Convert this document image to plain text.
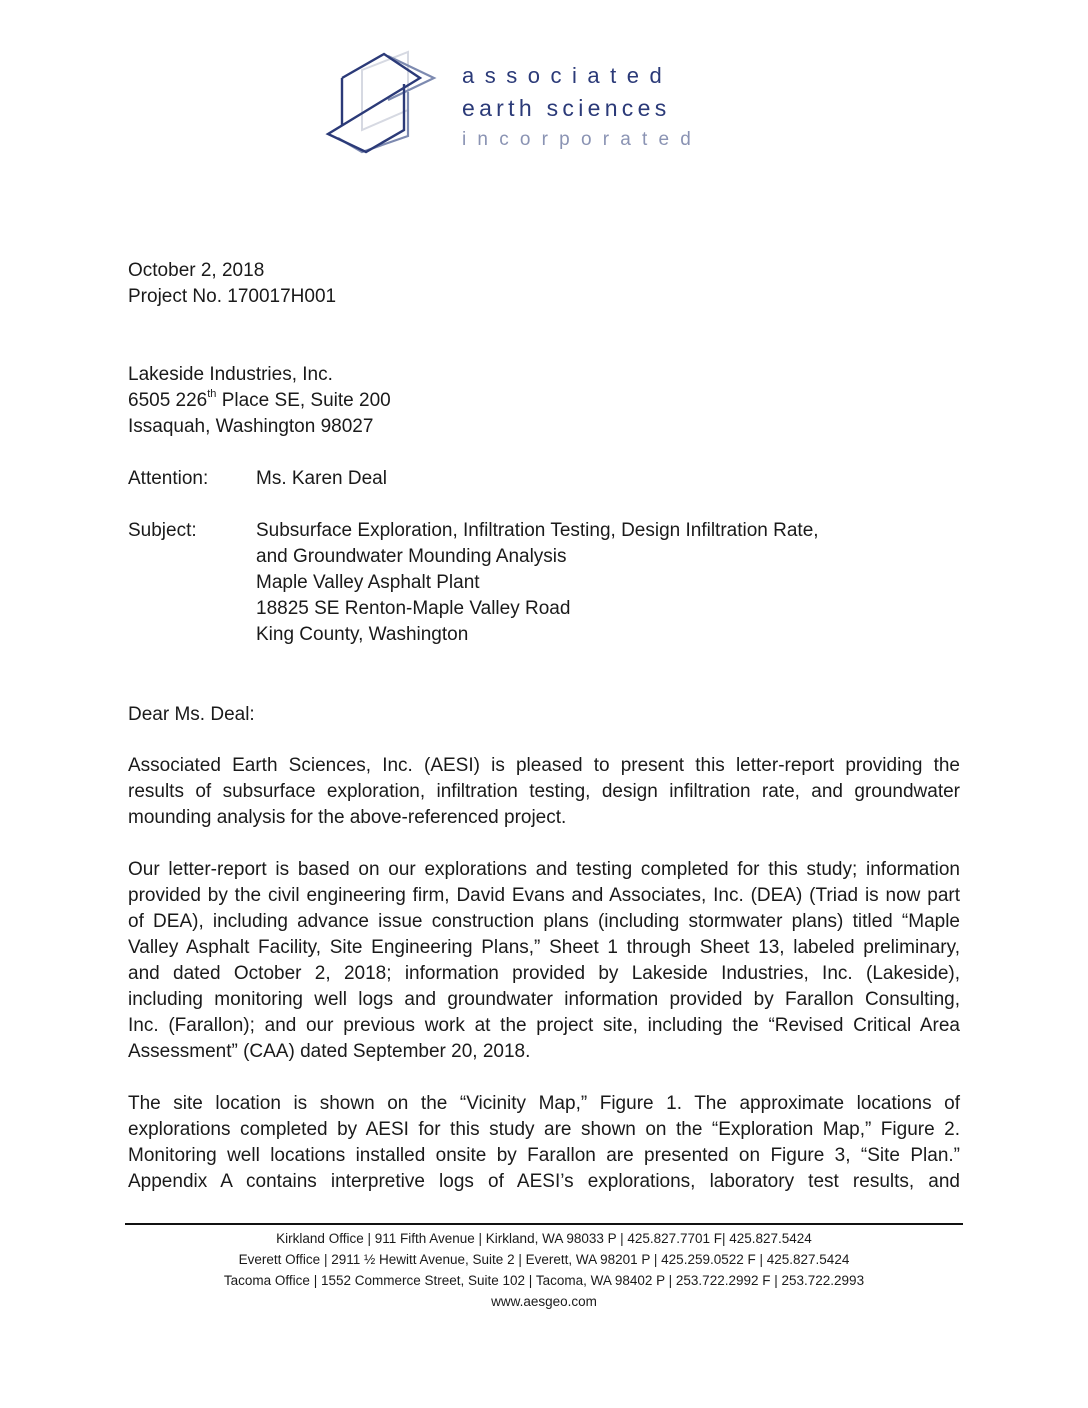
associated
earth sciences
incorporated
October 2, 2018
Project No. 170017H001
Lakeside Industries, Inc.
6505 226th Place SE, Suite 200
Issaquah, Washington 98027
Attention:	Ms. Karen Deal
Subject:	Subsurface Exploration, Infiltration Testing, Design Infiltration Rate,
and Groundwater Mounding Analysis
Maple Valley Asphalt Plant
18825 SE Renton-Maple Valley Road
King County, Washington
Dear Ms. Deal:
Associated Earth Sciences, Inc. (AESI) is pleased to present this letter-report providing the
results of subsurface exploration, infiltration testing, design infiltration rate, and groundwater
mounding analysis for the above-referenced project.
Our letter-report is based on our explorations and testing completed for this study; information
provided by the civil engineering firm, David Evans and Associates, Inc. (DEA) (Triad is now part
of DEA), including advance issue construction plans (including stormwater plans) titled “Maple
Valley Asphalt Facility, Site Engineering Plans,” Sheet 1 through Sheet 13, labeled preliminary,
and dated October 2, 2018; information provided by Lakeside Industries, Inc. (Lakeside),
including monitoring well logs and groundwater information provided by Farallon Consulting,
Inc. (Farallon); and our previous work at the project site, including the “Revised Critical Area
Assessment” (CAA) dated September 20, 2018.
The site location is shown on the “Vicinity Map,” Figure 1. The approximate locations of
explorations completed by AESI for this study are shown on the “Exploration Map,” Figure 2.
Monitoring well locations installed onsite by Farallon are presented on Figure 3, “Site Plan.”
Appendix A contains interpretive logs of AESI’s explorations, laboratory test results, and
Kirkland Office | 911 Fifth Avenue | Kirkland, WA 98033 P | 425.827.7701 F| 425.827.5424
Everett Office | 2911 ½ Hewitt Avenue, Suite 2 | Everett, WA 98201 P | 425.259.0522 F | 425.827.5424
Tacoma Office | 1552 Commerce Street, Suite 102 | Tacoma, WA 98402 P | 253.722.2992 F | 253.722.2993
www.aesgeo.com
